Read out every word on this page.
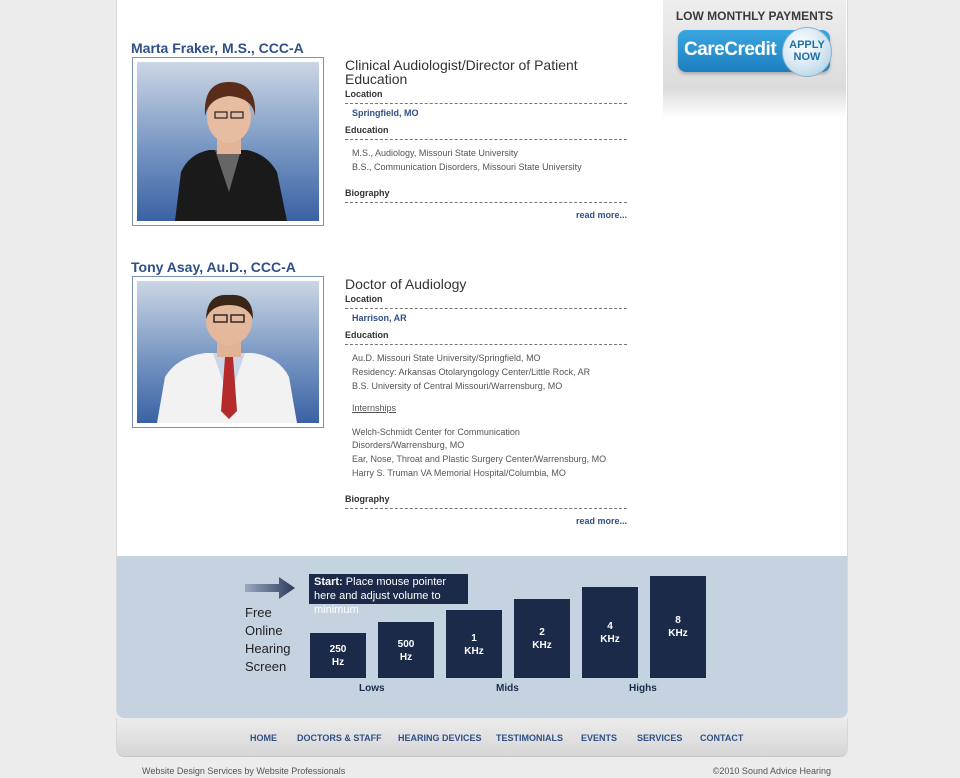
LOW MONTHLY PAYMENTS
CareCredit	APPLY
NOW
Marta Fraker, M.S., CCC-A
Clinical Audiologist/Director of Patient Education
Location
Springfield, MO
Education
M.S., Audiology, Missouri State University
B.S., Communication Disorders, Missouri State University
Biography
read more...
Tony Asay, Au.D., CCC-A
Doctor of Audiology
Location
Harrison, AR
Education
Au.D. Missouri State University/Springfield, MO
Residency: Arkansas Otolaryngology Center/Little Rock, AR
B.S. University of Central Missouri/Warrensburg, MO
Internships
Welch-Schmidt Center for Communication
Disorders/Warrensburg, MO
Ear, Nose, Throat and Plastic Surgery Center/Warrensburg, MO
Harry S. Truman VA Memorial Hospital/Columbia, MO
Biography
read more...
Start: Place mouse pointer here and adjust volume to minimum
Free
Online
Hearing
Screen
250
Hz
500
Hz
1
KHz
2
KHz
4
KHz
8
KHz
Lows	Mids	Highs
HOME DOCTORS & STAFF HEARING DEVICES TESTIMONIALS EVENTS SERVICES CONTACT
Website Design Services by Website Professionals	©2010 Sound Advice Hearing
